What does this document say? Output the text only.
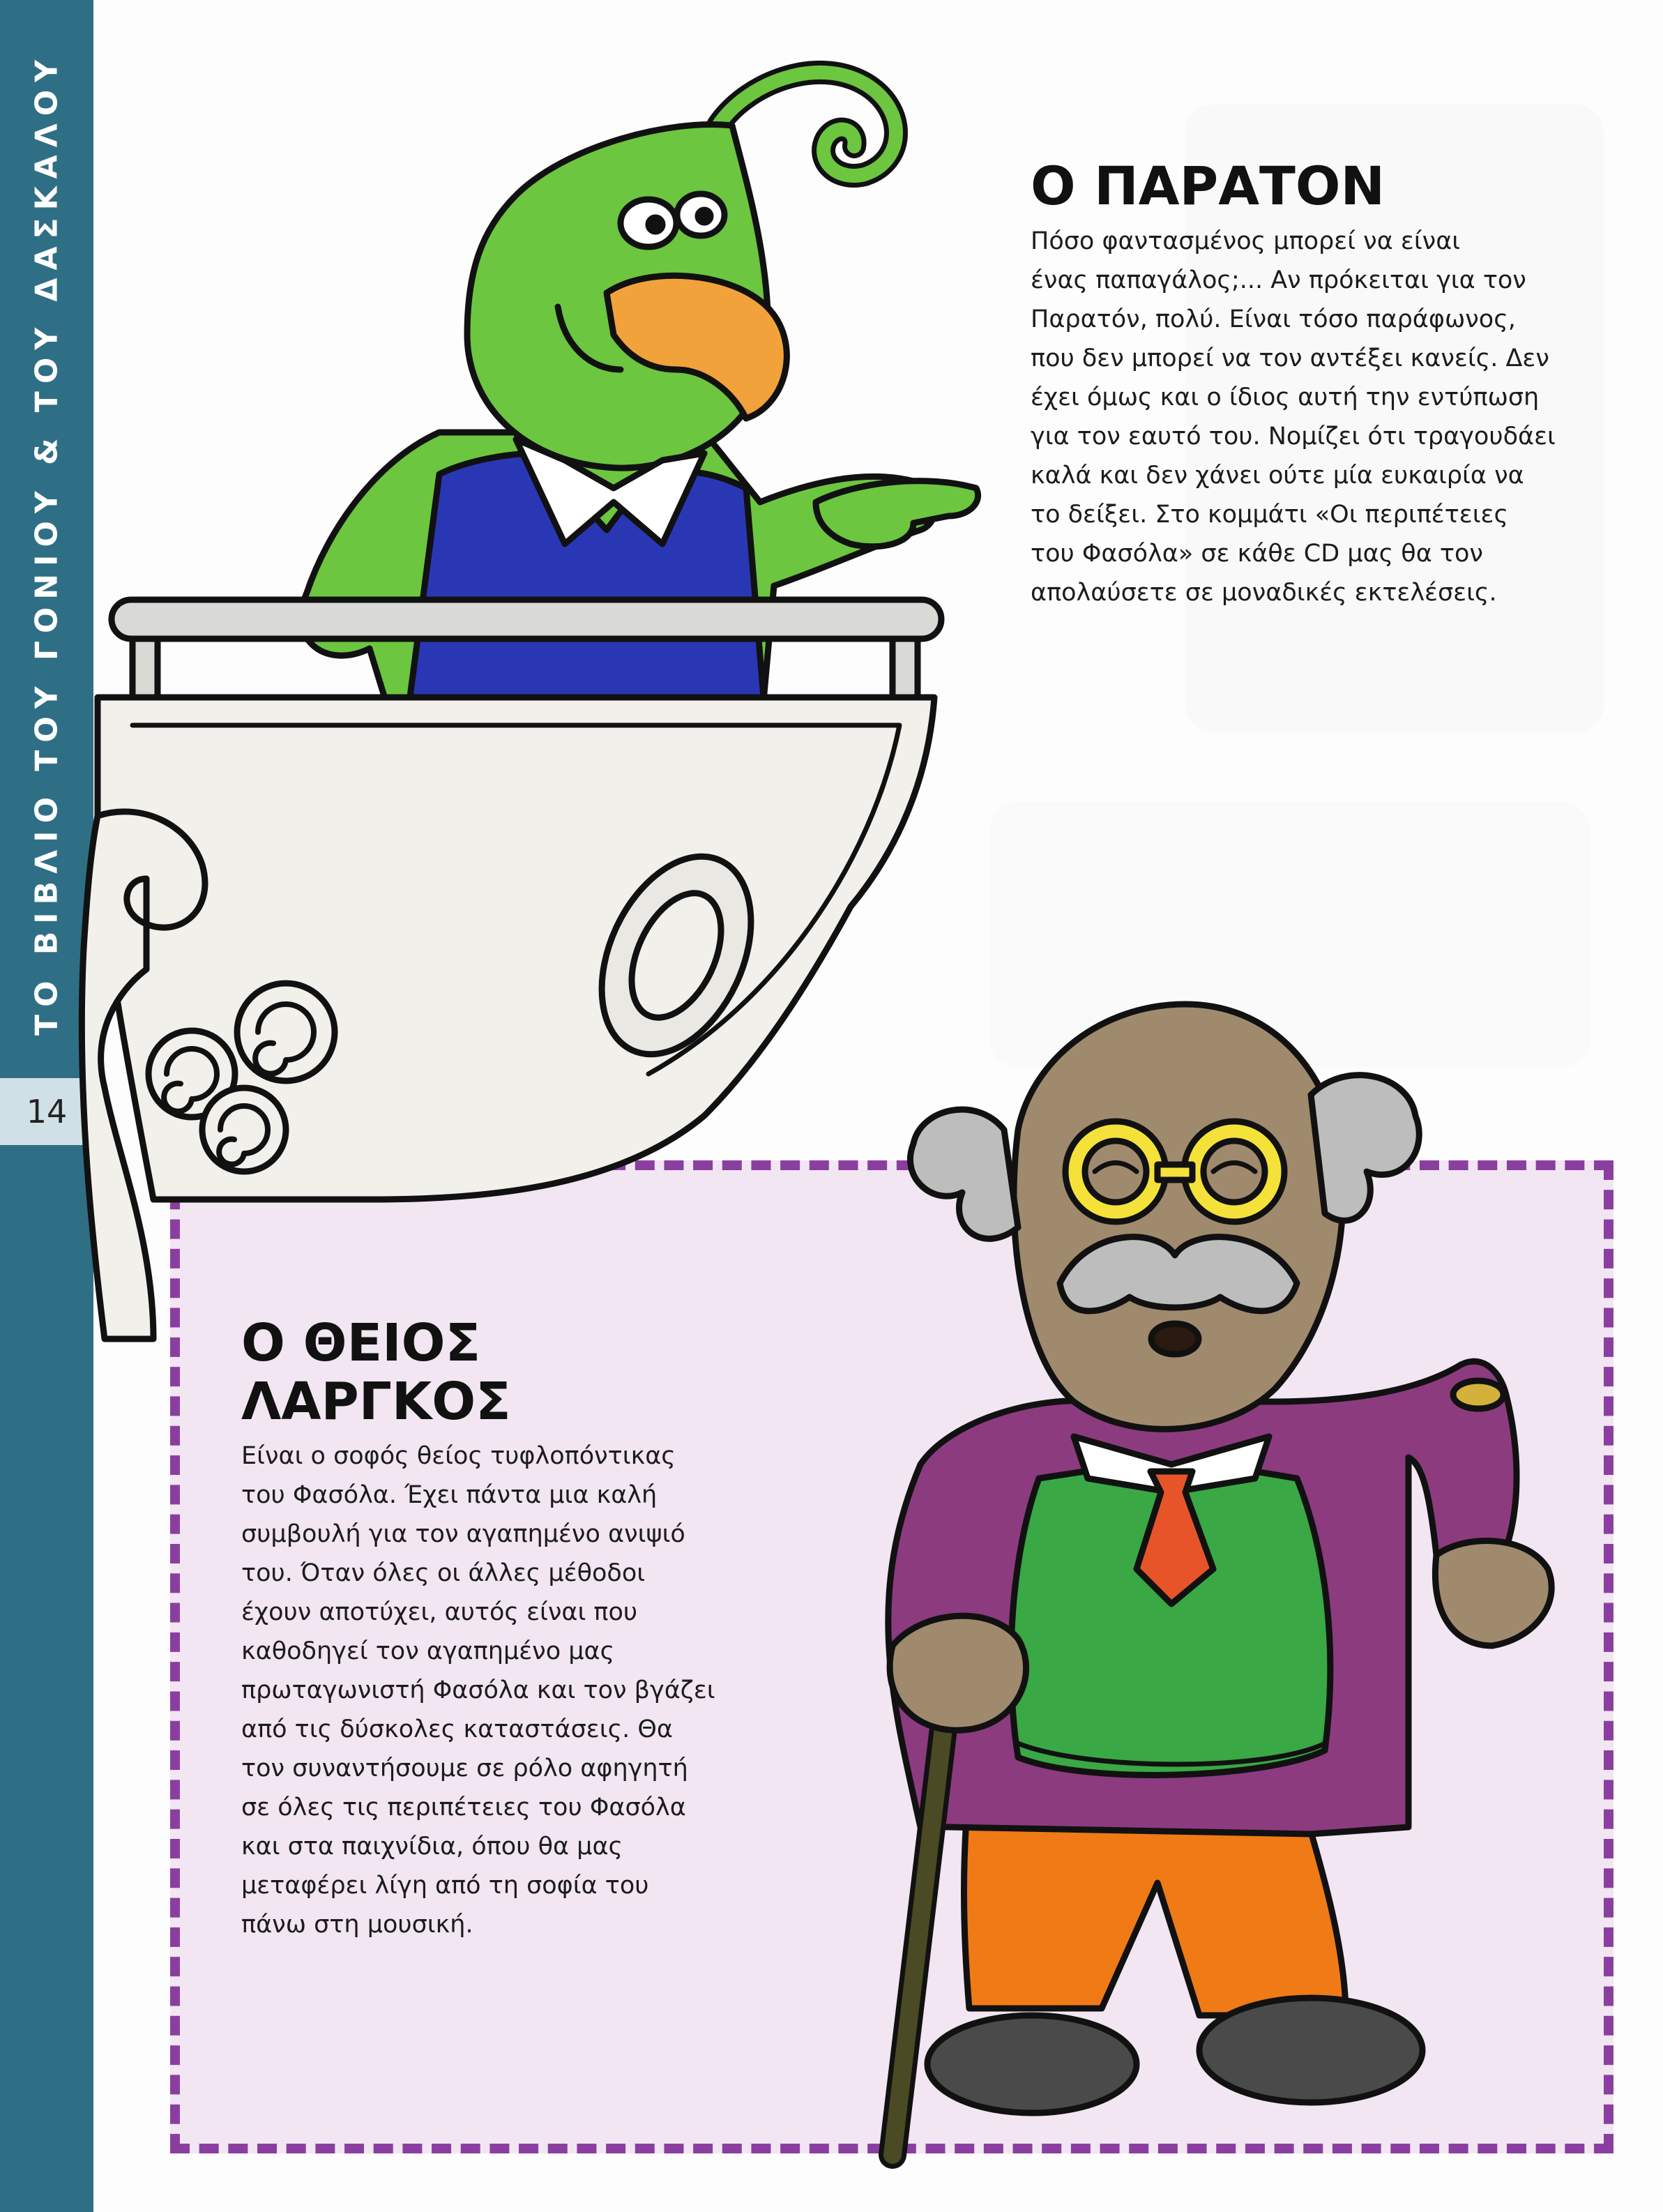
ΤΟ ΒΙΒΛΙΟ ΤΟΥ ΓΟΝΙΟΥ & ΤΟΥ ΔΑΣΚΑΛΟΥ
14
Ο ΠΑΡΑΤΟΝ
Πόσο φαντασμένος μπορεί να είναι
ένας παπαγάλος;... Αν πρόκειται για τον
Παρατόν, πολύ. Είναι τόσο παράφωνος,
που δεν μπορεί να τον αντέξει κανείς. Δεν
έχει όμως και ο ίδιος αυτή την εντύπωση
για τον εαυτό του. Νομίζει ότι τραγουδάει
καλά και δεν χάνει ούτε μία ευκαιρία να
το δείξει. Στο κομμάτι «Οι περιπέτειες
του Φασόλα» σε κάθε CD μας θα τον
απολαύσετε σε μοναδικές εκτελέσεις.
Ο ΘΕΙΟΣ
ΛΑΡΓΚΟΣ
Είναι ο σοφός θείος τυφλοπόντικας
του Φασόλα. Έχει πάντα μια καλή
συμβουλή για τον αγαπημένο ανιψιό
του. Όταν όλες οι άλλες μέθοδοι
έχουν αποτύχει, αυτός είναι που
καθοδηγεί τον αγαπημένο μας
πρωταγωνιστή Φασόλα και τον βγάζει
από τις δύσκολες καταστάσεις. Θα
τον συναντήσουμε σε ρόλο αφηγητή
σε όλες τις περιπέτειες του Φασόλα
και στα παιχνίδια, όπου θα μας
μεταφέρει λίγη από τη σοφία του
πάνω στη μουσική.
